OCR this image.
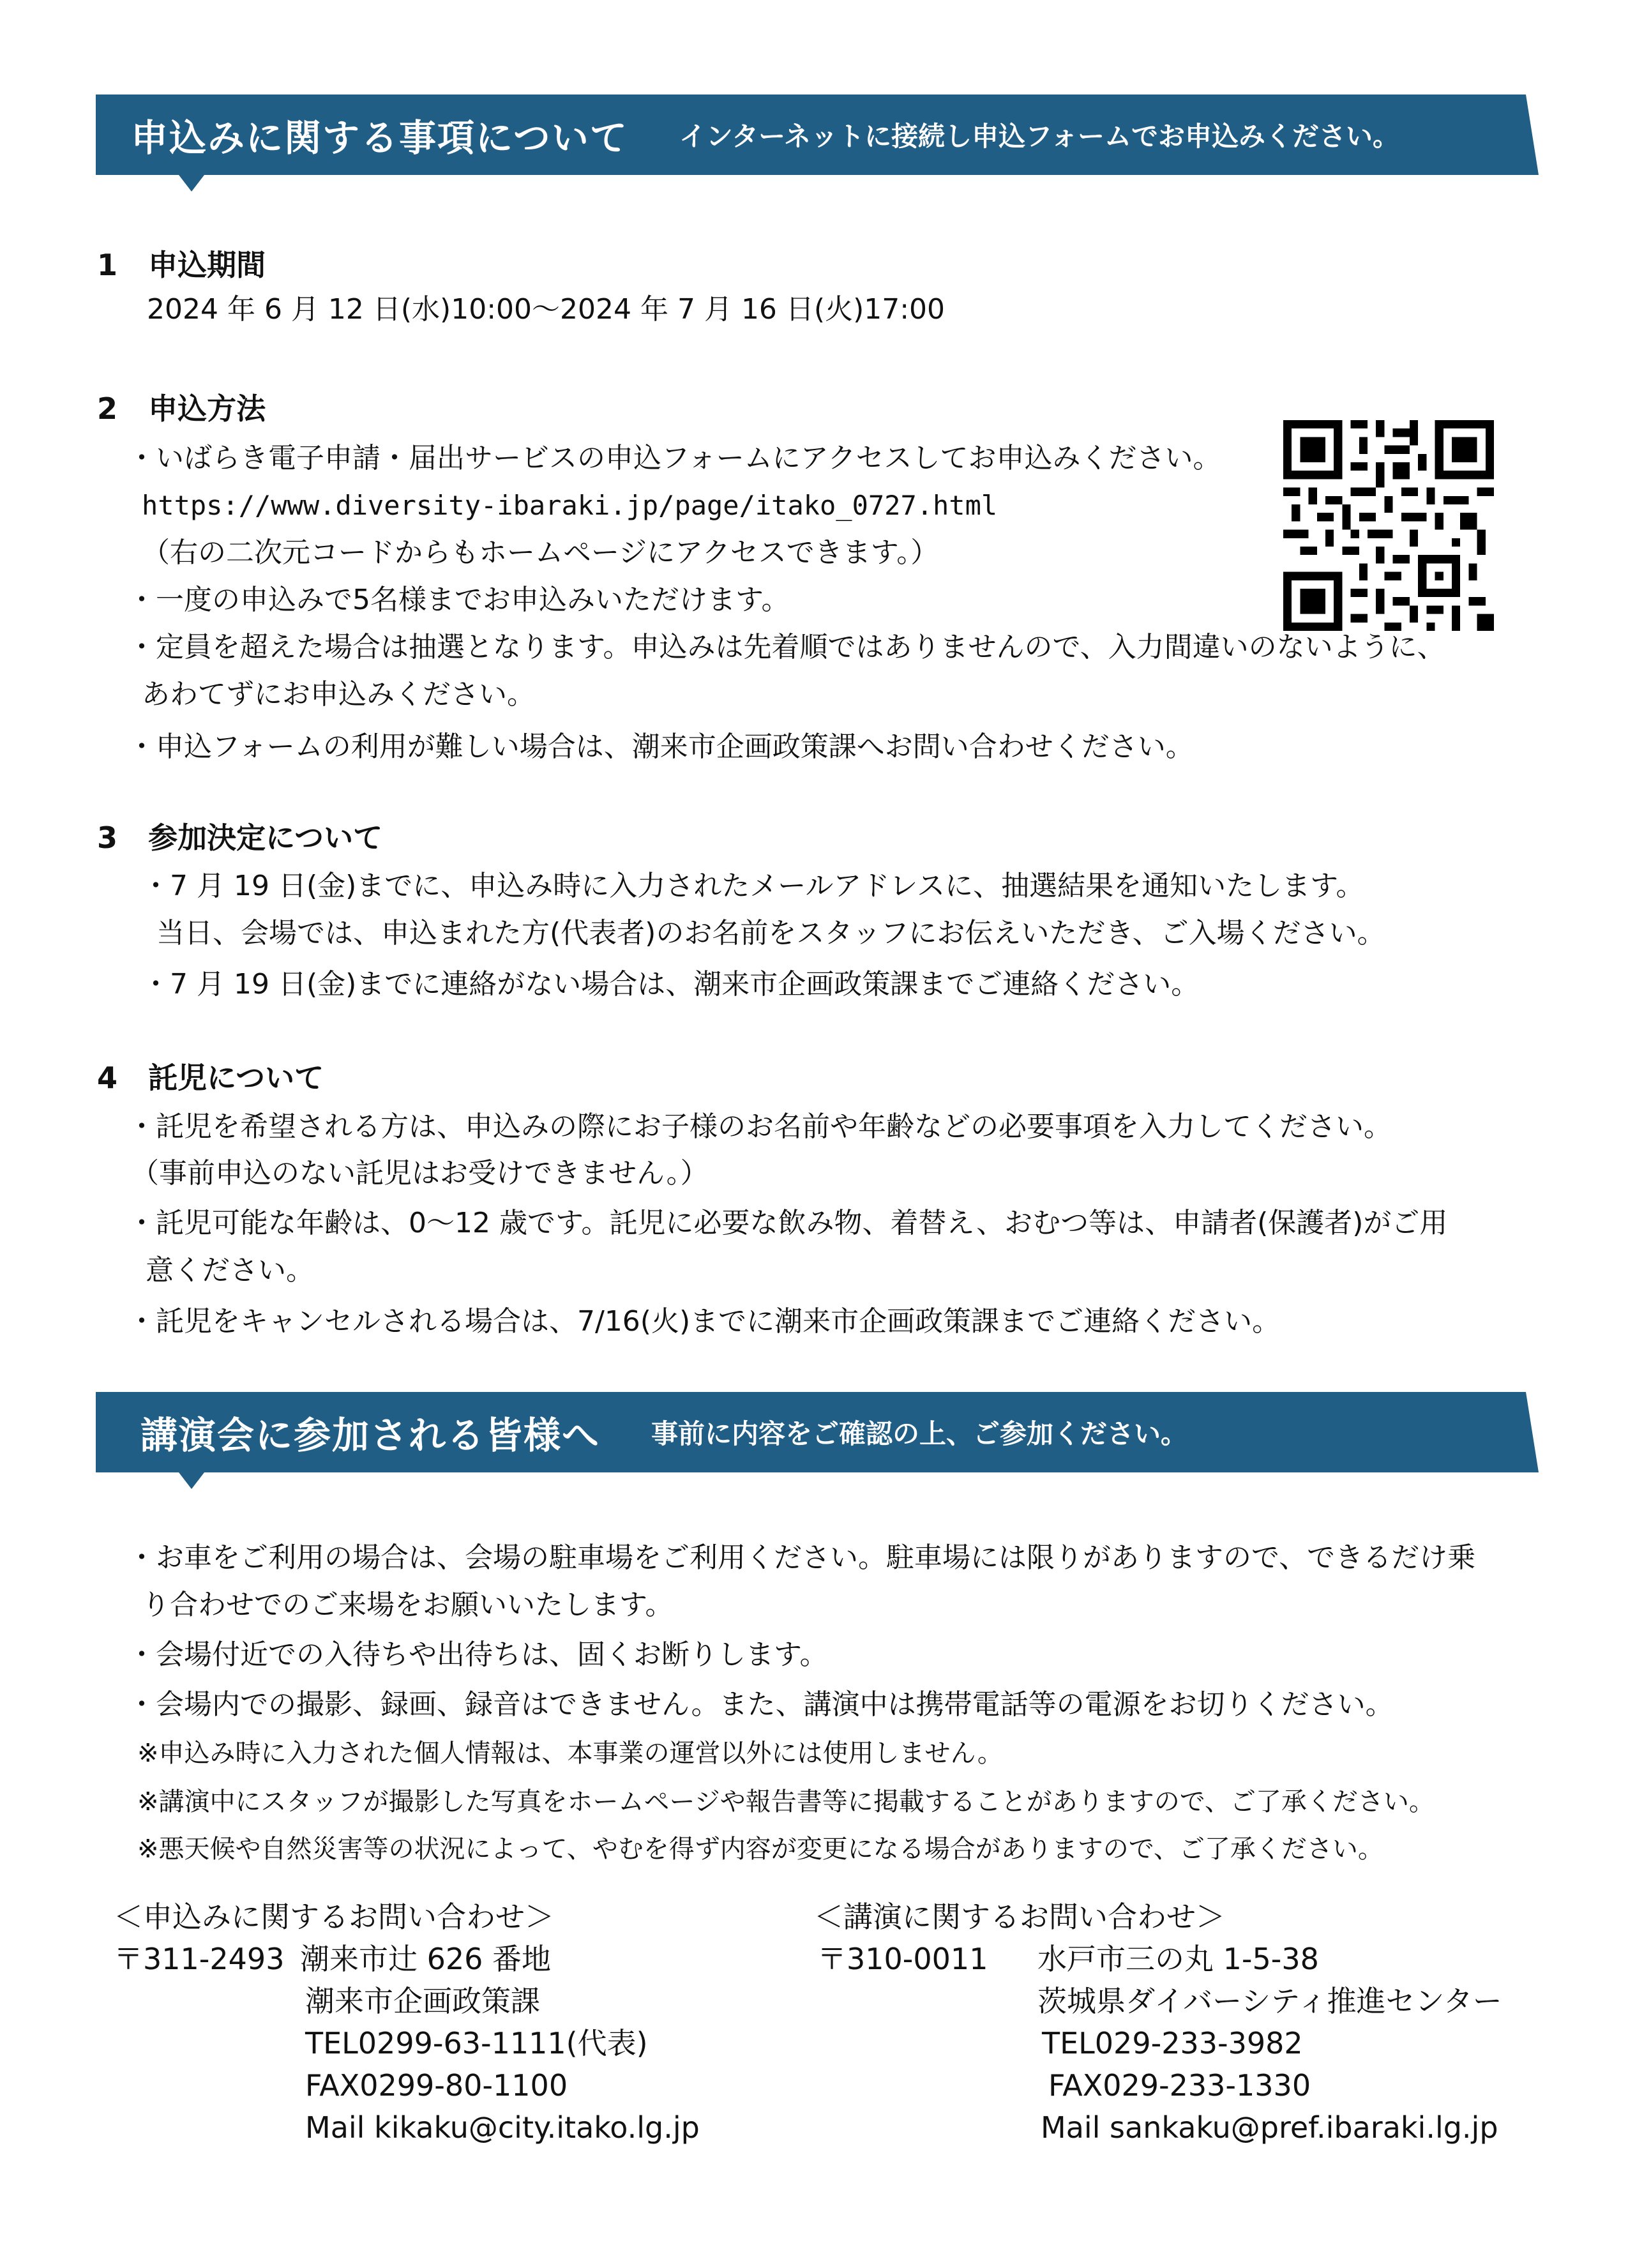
申込みに関する事項について インターネットに接続し申込フォームでお申込みください。
1 申込期間
2024 年 6 月 12 日(水)10:00～2024 年 7 月 16 日(火)17:00
2 申込方法
・いばらき電子申請・届出サービスの申込フォームにアクセスしてお申込みください。
https://www.diversity-ibaraki.jp/page/itako_0727.html
（右の二次元コードからもホームページにアクセスできます。）
・一度の申込みで5名様までお申込みいただけます。
・定員を超えた場合は抽選となります。申込みは先着順ではありませんので、入力間違いのないように、
あわてずにお申込みください。
・申込フォームの利用が難しい場合は、潮来市企画政策課へお問い合わせください。
3 参加決定について
・7 月 19 日(金)までに、申込み時に入力されたメールアドレスに、抽選結果を通知いたします。
当日、会場では、申込まれた方(代表者)のお名前をスタッフにお伝えいただき、ご入場ください。
・7 月 19 日(金)までに連絡がない場合は、潮来市企画政策課までご連絡ください。
4 託児について
・託児を希望される方は、申込みの際にお子様のお名前や年齢などの必要事項を入力してください。
（事前申込のない託児はお受けできません。）
・託児可能な年齢は、0～12 歳です。託児に必要な飲み物、着替え、おむつ等は、申請者(保護者)がご用
意ください。
・託児をキャンセルされる場合は、7/16(火)までに潮来市企画政策課までご連絡ください。
講演会に参加される皆様へ 事前に内容をご確認の上、ご参加ください。
・お車をご利用の場合は、会場の駐車場をご利用ください。駐車場には限りがありますので、できるだけ乗
り合わせでのご来場をお願いいたします。
・会場付近での入待ちや出待ちは、固くお断りします。
・会場内での撮影、録画、録音はできません。また、講演中は携帯電話等の電源をお切りください。
※申込み時に入力された個人情報は、本事業の運営以外には使用しません。
※講演中にスタッフが撮影した写真をホームページや報告書等に掲載することがありますので、ご了承ください。
※悪天候や自然災害等の状況によって、やむを得ず内容が変更になる場合がありますので、ご了承ください。
＜申込みに関するお問い合わせ＞
〒311-2493 潮来市辻 626 番地
潮来市企画政策課
TEL0299-63-1111(代表)
FAX0299-80-1100
Mail kikaku@city.itako.lg.jp
＜講演に関するお問い合わせ＞
〒310-0011 水戸市三の丸 1-5-38
茨城県ダイバーシティ推進センター
TEL029-233-3982
FAX029-233-1330
Mail sankaku@pref.ibaraki.lg.jp
